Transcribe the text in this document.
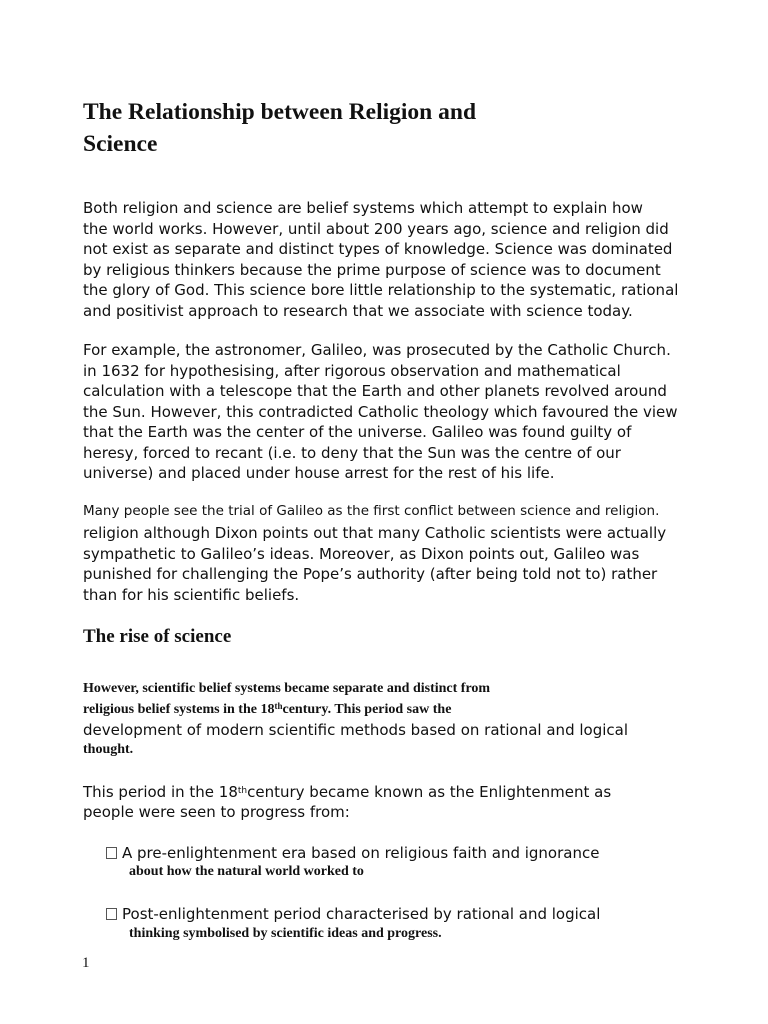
The Relationship between Religion and
Science
Both religion and science are belief systems which attempt to explain how
the world works. However, until about 200 years ago, science and religion did
not exist as separate and distinct types of knowledge. Science was dominated
by religious thinkers because the prime purpose of science was to document
the glory of God. This science bore little relationship to the systematic, rational
and positivist approach to research that we associate with science today.
For example, the astronomer, Galileo, was prosecuted by the Catholic Church.
in 1632 for hypothesising, after rigorous observation and mathematical
calculation with a telescope that the Earth and other planets revolved around
the Sun. However, this contradicted Catholic theology which favoured the view
that the Earth was the center of the universe. Galileo was found guilty of
heresy, forced to recant (i.e. to deny that the Sun was the centre of our
universe) and placed under house arrest for the rest of his life.
Many people see the trial of Galileo as the first conflict between science and religion.
religion although Dixon points out that many Catholic scientists were actually
sympathetic to Galileo’s ideas. Moreover, as Dixon points out, Galileo was
punished for challenging the Pope’s authority (after being told not to) rather
than for his scientific beliefs.
The rise of science
However, scientific belief systems became separate and distinct from
religious belief systems in the 18thcentury. This period saw the
development of modern scientific methods based on rational and logical
thought.
This period in the 18thcentury became known as the Enlightenment as
people were seen to progress from:
A pre-enlightenment era based on religious faith and ignorance
about how the natural world worked to
Post-enlightenment period characterised by rational and logical
thinking symbolised by scientific ideas and progress.
1
